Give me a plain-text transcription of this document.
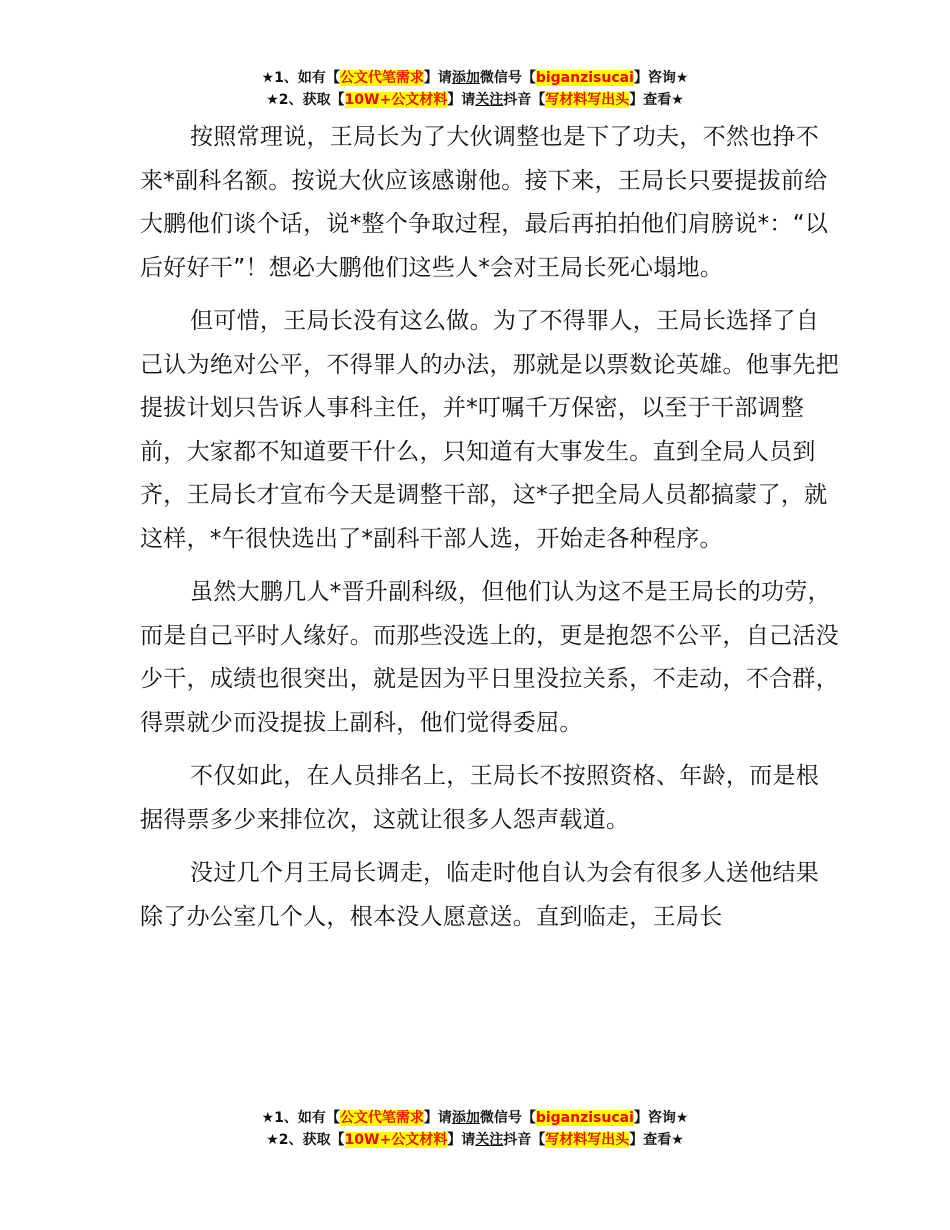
★1、如有【公文代笔需求】请添加微信号【biganzisucai】咨询★
★2、获取【10W+公文材料】请关注抖音【写材料写出头】查看★

按照常理说，王局长为了大伙调整也是下了功夫，不然也挣不来*副科名额。按说大伙应该感谢他。接下来，王局长只要提拔前给大鹏他们谈个话，说*整个争取过程，最后再拍拍他们肩膀说*：“以后好好干”！想必大鹏他们这些人*会对王局长死心塌地。

但可惜，王局长没有这么做。为了不得罪人，王局长选择了自己认为绝对公平，不得罪人的办法，那就是以票数论英雄。他事先把提拔计划只告诉人事科主任，并*叮嘱千万保密，以至于干部调整前，大家都不知道要干什么，只知道有大事发生。直到全局人员到齐，王局长才宣布今天是调整干部，这*子把全局人员都搞蒙了，就这样，*午很快选出了*副科干部人选，开始走各种程序。

虽然大鹏几人*晋升副科级，但他们认为这不是王局长的功劳，而是自己平时人缘好。而那些没选上的，更是抱怨不公平，自己活没少干，成绩也很突出，就是因为平日里没拉关系，不走动，不合群，得票就少而没提拔上副科，他们觉得委屈。

不仅如此，在人员排名上，王局长不按照资格、年龄，而是根据得票多少来排位次，这就让很多人怨声载道。

没过几个月王局长调走，临走时他自认为会有很多人送他结果除了办公室几个人，根本没人愿意送。直到临走，王局长

★1、如有【公文代笔需求】请添加微信号【biganzisucai】咨询★
★2、获取【10W+公文材料】请关注抖音【写材料写出头】查看★
